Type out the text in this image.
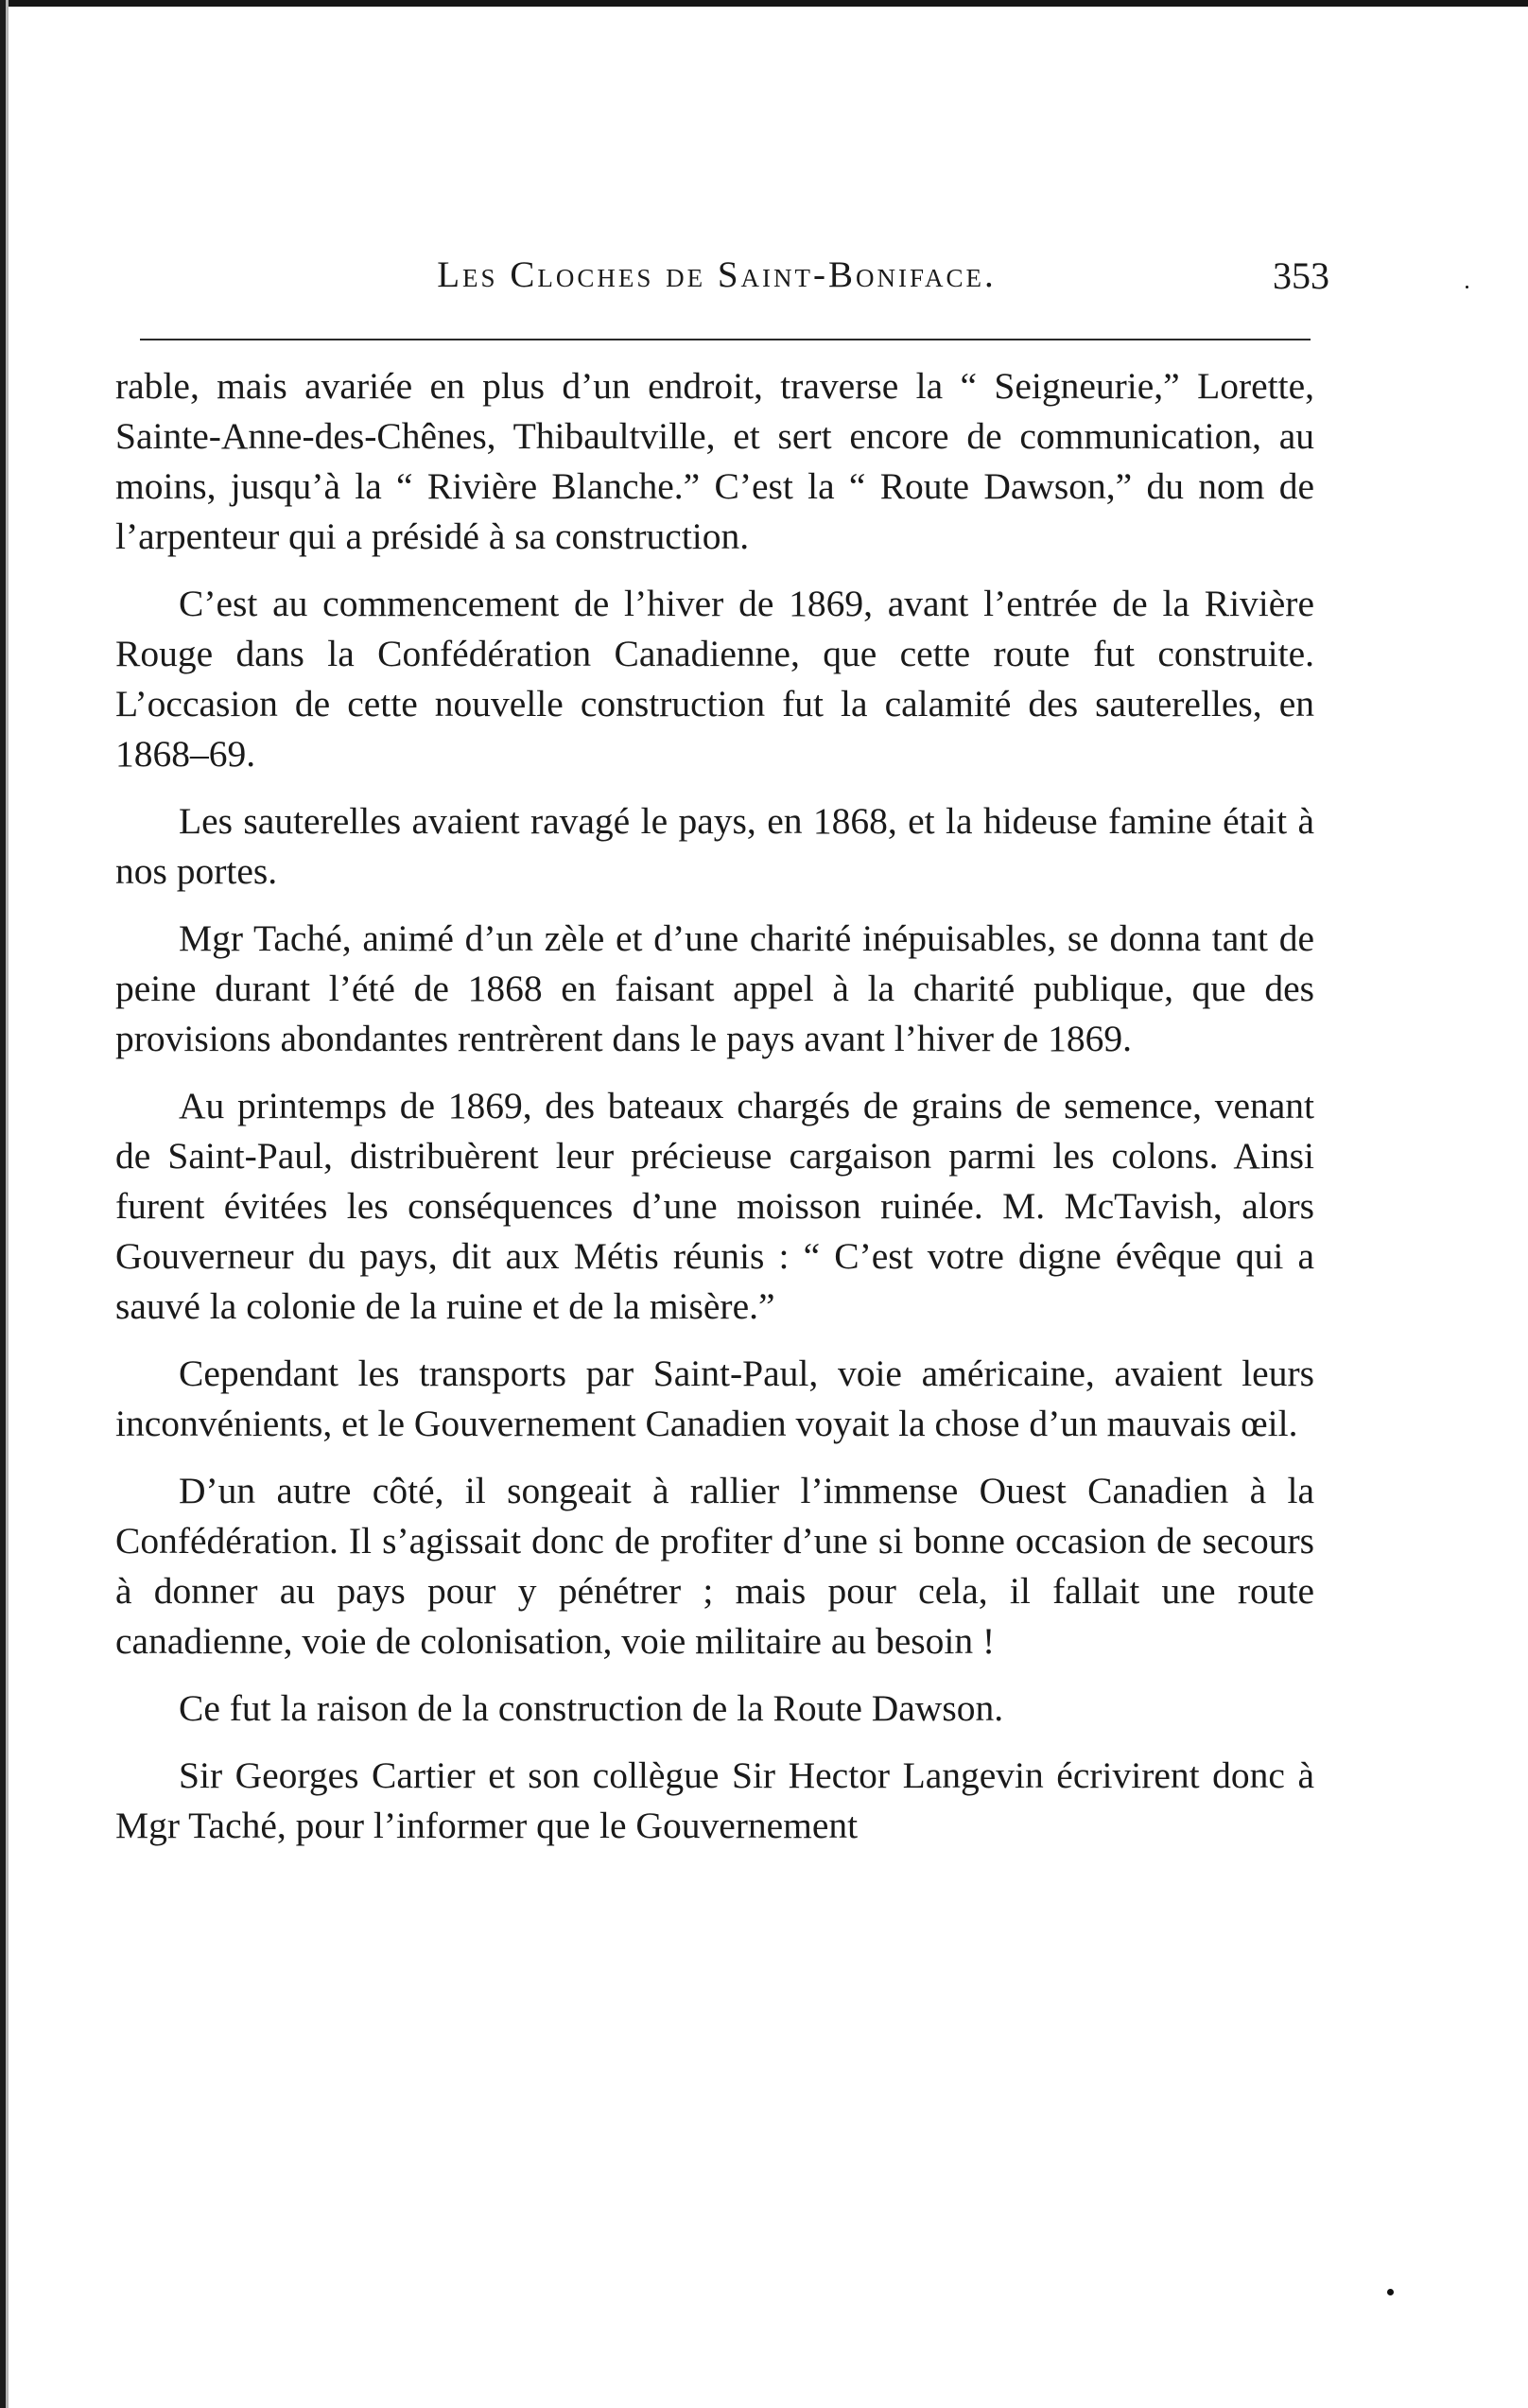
Les Cloches de Saint-Boniface.	353

rable, mais avariée en plus d’un endroit, traverse la “ Seigneurie,” Lorette, Sainte-Anne-des-Chênes, Thibaultville, et sert encore de communication, au moins, jusqu’à la “ Rivière Blanche.” C’est la “ Route Dawson,” du nom de l’arpenteur qui a présidé à sa construction.

C’est au commencement de l’hiver de 1869, avant l’entrée de la Rivière Rouge dans la Confédération Canadienne, que cette route fut construite. L’occasion de cette nouvelle construction fut la calamité des sauterelles, en 1868–69.

Les sauterelles avaient ravagé le pays, en 1868, et la hideuse famine était à nos portes.

Mgr Taché, animé d’un zèle et d’une charité inépuisables, se donna tant de peine durant l’été de 1868 en faisant appel à la charité publique, que des provisions abondantes rentrèrent dans le pays avant l’hiver de 1869.

Au printemps de 1869, des bateaux chargés de grains de semence, venant de Saint-Paul, distribuèrent leur précieuse cargaison parmi les colons. Ainsi furent évitées les conséquences d’une moisson ruinée. M. McTavish, alors Gouverneur du pays, dit aux Métis réunis : “ C’est votre digne évêque qui a sauvé la colonie de la ruine et de la misère.”

Cependant les transports par Saint-Paul, voie américaine, avaient leurs inconvénients, et le Gouvernement Canadien voyait la chose d’un mauvais œil.

D’un autre côté, il songeait à rallier l’immense Ouest Canadien à la Confédération. Il s’agissait donc de profiter d’une si bonne occasion de secours à donner au pays pour y pénétrer ; mais pour cela, il fallait une route canadienne, voie de colonisation, voie militaire au besoin !

Ce fut la raison de la construction de la Route Dawson.

Sir Georges Cartier et son collègue Sir Hector Langevin écrivirent donc à Mgr Taché, pour l’informer que le Gouvernement
